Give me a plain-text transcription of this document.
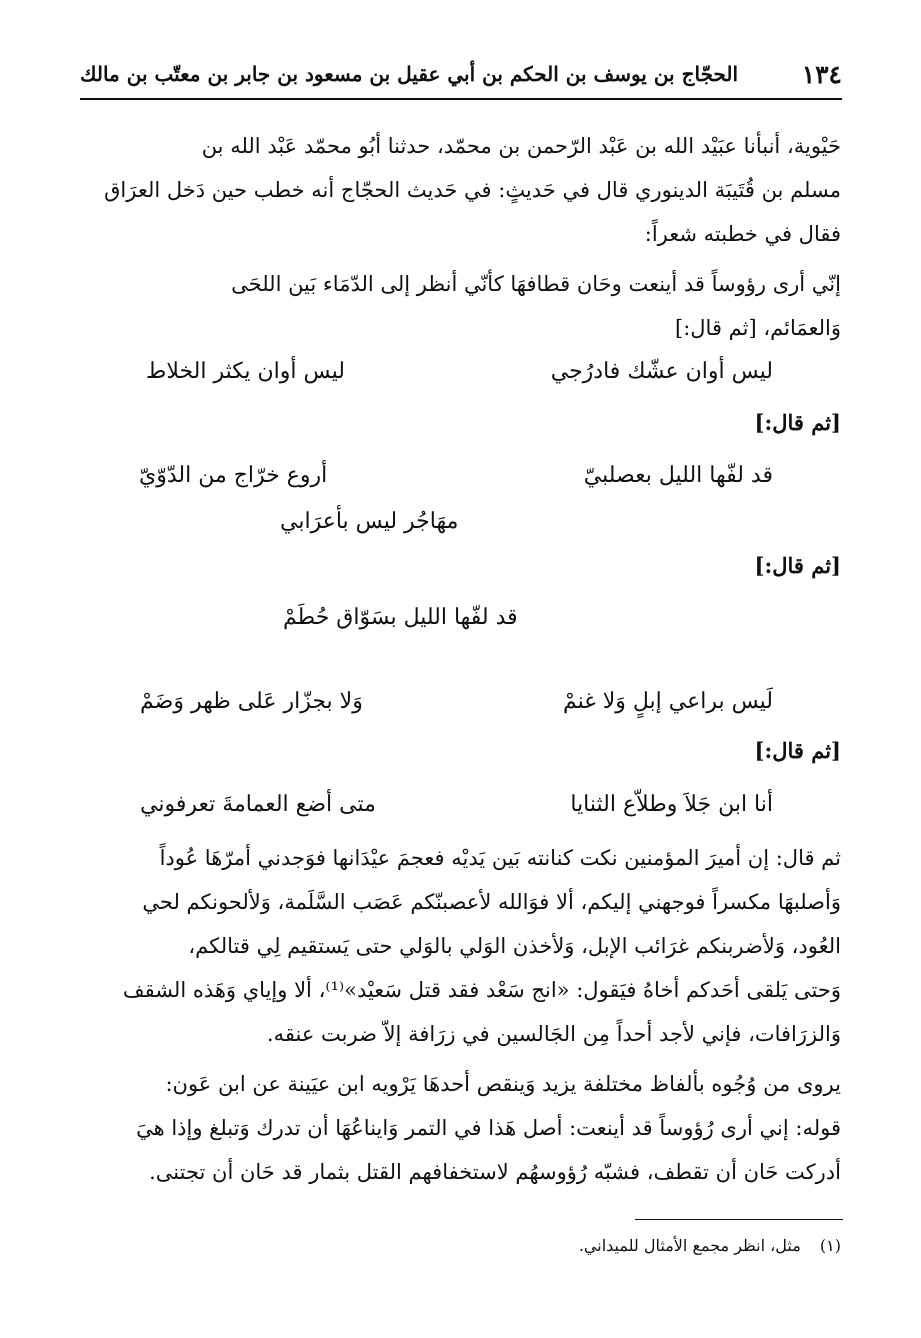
١٣٤
الحجّاج بن يوسف بن الحكم بن أبي عقيل بن مسعود بن جابر بن معتّب بن مالك
حَيْوية، أنبأنا عبَيْد الله بن عَبْد الرّحمن بن محمّد، حدثنا أبُو محمّد عَبْد الله بن
مسلم بن قُتَيبَة الدينوري قال في حَديثٍ: في حَديث الحجّاج أنه خطب حين دَخل العرَاق
فقال في خطبته شعراً:
إنّي أرى رؤوساً قد أينعت وحَان قطافهَا كأنّي أنظر إلى الدّمَاء بَين اللحَى
وَالعمَائم، [ثم قال:]
ليس أوان عشّك فادرُجي
ليس أوان يكثر الخلاط
[ثم قال:]
قد لفّها الليل بعصلبيّ
أروع خرّاج من الدّوّيّ
مهَاجُر ليس بأعرَابي
[ثم قال:]
قد لفّها الليل بسَوّاق حُطَمْ
لَيس براعي إبلٍ وَلا غنمْ
وَلا بجزّار عَلى ظهر وَضَمْ
[ثم قال:]
أنا ابن جَلاَ وطلاّع الثنايا
متى أضع العمامةَ تعرفوني
ثم قال: إن أميرَ المؤمنين نكت كنانته بَين يَديْه فعجمَ عيْدَانها فوَجدني أمرّهَا عُوداً
وَأصلبهَا مكسراً فوجهني إليكم، ألا فوَالله لأعصبنّكم عَصَب السَّلَمة، وَلألحونكم لحي
العُود، وَلأضربنكم غرَائب الإبل، وَلأخذن الوَلي بالوَلي حتى يَستقيم لِي قتالكم،
وَحتى يَلقى أحَدكم أخاهُ فيَقول: «انج سَعْد فقد قتل سَعيْد»⁽¹⁾، ألا وإياي وَهَذه الشقف
وَالزرَافات، فإني لأجد أحداً مِن الجَالسين في زرَافة إلاّ ضربت عنقه.
يروى من وُجُوه بألفاظ مختلفة يزيد وَينقص أحدهَا يَرْويه ابن عيَينة عن ابن عَون:
قوله: إني أرى رُؤوساً قد أينعت: أصل هَذا في التمر وَايناعُهَا أن تدرك وَتبلغ وإذا هيَ
أدركت حَان أن تقطف، فشبّه رُؤوسهُم لاستخفافهم القتل بثمار قد حَان أن تجتنى.
(١) مثل، انظر مجمع الأمثال للميداني.
